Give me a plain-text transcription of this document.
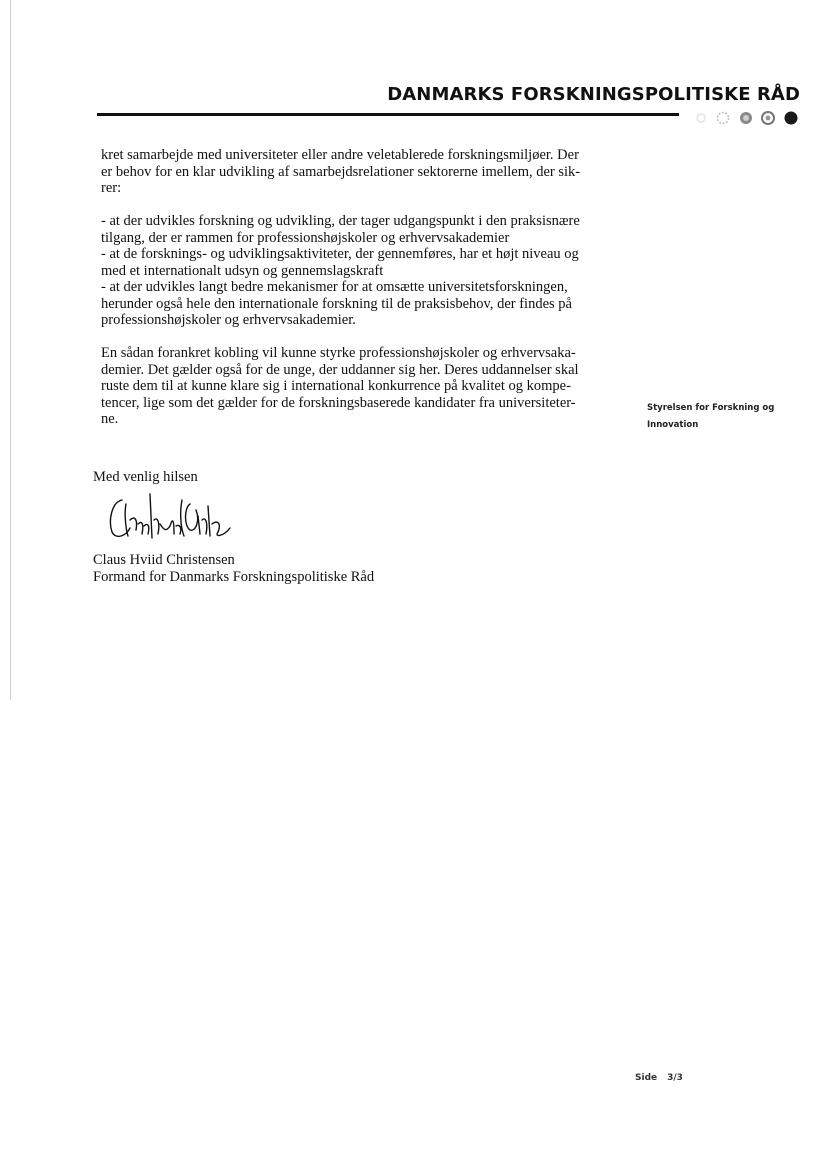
DANMARKS FORSKNINGSPOLITISKE RÅD

kret samarbejde med universiteter eller andre veletablerede forskningsmiljøer. Der
er behov for en klar udvikling af samarbejdsrelationer sektorerne imellem, der sik-
rer:

- at der udvikles forskning og udvikling, der tager udgangspunkt i den praksisnære
tilgang, der er rammen for professionshøjskoler og erhvervsakademier
- at de forsknings- og udviklingsaktiviteter, der gennemføres, har et højt niveau og
med et internationalt udsyn og gennemslagskraft
- at der udvikles langt bedre mekanismer for at omsætte universitetsforskningen,
herunder også hele den internationale forskning til de praksisbehov, der findes på
professionshøjskoler og erhvervsakademier.

En sådan forankret kobling vil kunne styrke professionshøjskoler og erhvervsaka-
demier. Det gælder også for de unge, der uddanner sig her. Deres uddannelser skal
ruste dem til at kunne klare sig i international konkurrence på kvalitet og kompe-
tencer, lige som det gælder for de forskningsbaserede kandidater fra universiteter-
ne.

Med venlig hilsen
Claus Hviid Christensen
Formand for Danmarks Forskningspolitiske Råd
Styrelsen for Forskning og
Innovation
Side 3/3
